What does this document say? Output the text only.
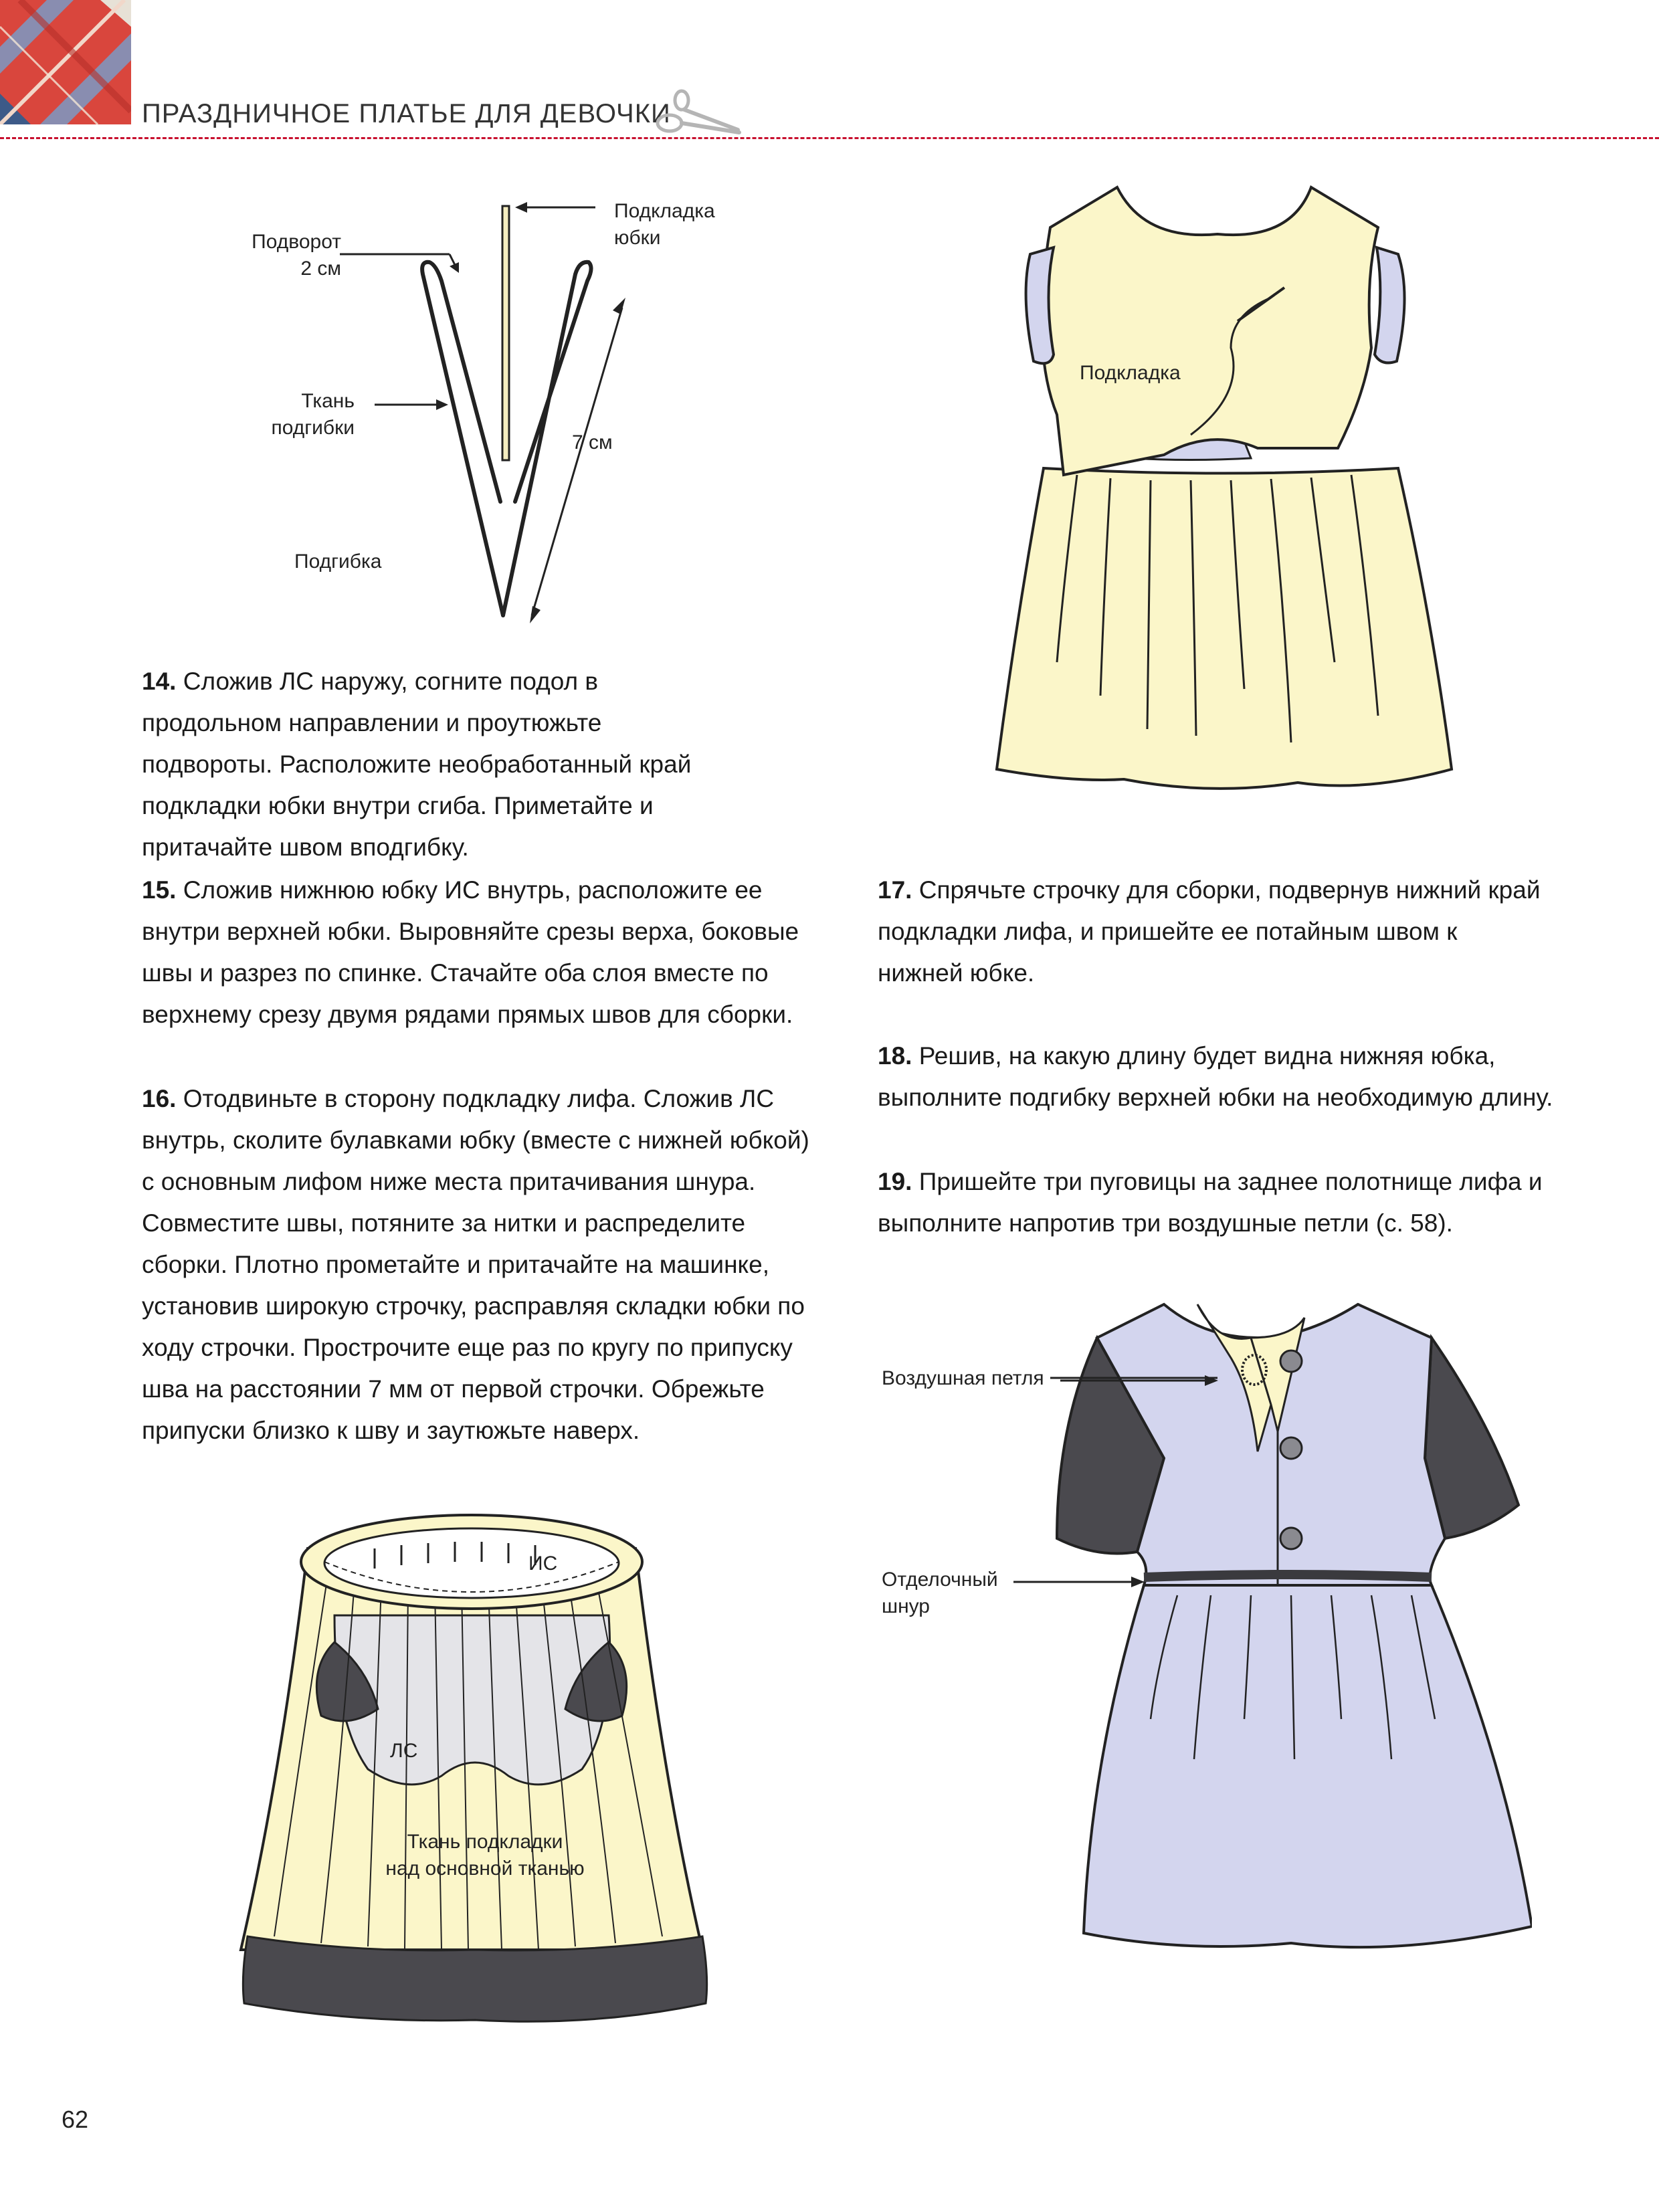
ПРАЗДНИЧНОЕ ПЛАТЬЕ ДЛЯ ДЕВОЧКИ
Подкладка
юбки
Подворот
2 см
Ткань
подгибки
7 см
Подгибка
Подкладка
14. Сложив ЛС наружу, согните подол в продольном направлении и проутюжьте подвороты. Расположите необработанный край подкладки юбки внутри сгиба. Приметайте и притачайте швом вподгибку.
15. Сложив нижнюю юбку ИС внутрь, расположите ее внутри верхней юбки. Выровняйте срезы верха, боковые швы и разрез по спинке. Стачайте оба слоя вместе по верхнему срезу двумя рядами прямых швов для сборки.
16. Отодвиньте в сторону подкладку лифа. Сложив ЛС внутрь, сколите булавками юбку (вместе с нижней юбкой) с основным лифом ниже места притачивания шнура. Совместите швы, потяните за нитки и распределите сборки. Плотно прометайте и притачайте на машинке, установив широкую строчку, расправляя складки юбки по ходу строчки. Прострочите еще раз по кругу по припуску шва на расстоянии 7 мм от первой строчки. Обрежьте припуски близко к шву и заутюжьте наверх.
17. Спрячьте строчку для сборки, подвернув нижний край подкладки лифа, и пришейте ее потайным швом к нижней юбке.
18. Решив, на какую длину будет видна нижняя юбка, выполните подгибку верхней юбки на необходимую длину.
19. Пришейте три пуговицы на заднее полотнище лифа и выполните напротив три воздушные петли (с. 58).
ИС
ЛС
Ткань подкладки
над основной тканью
Воздушная петля
Отделочный
шнур
62
